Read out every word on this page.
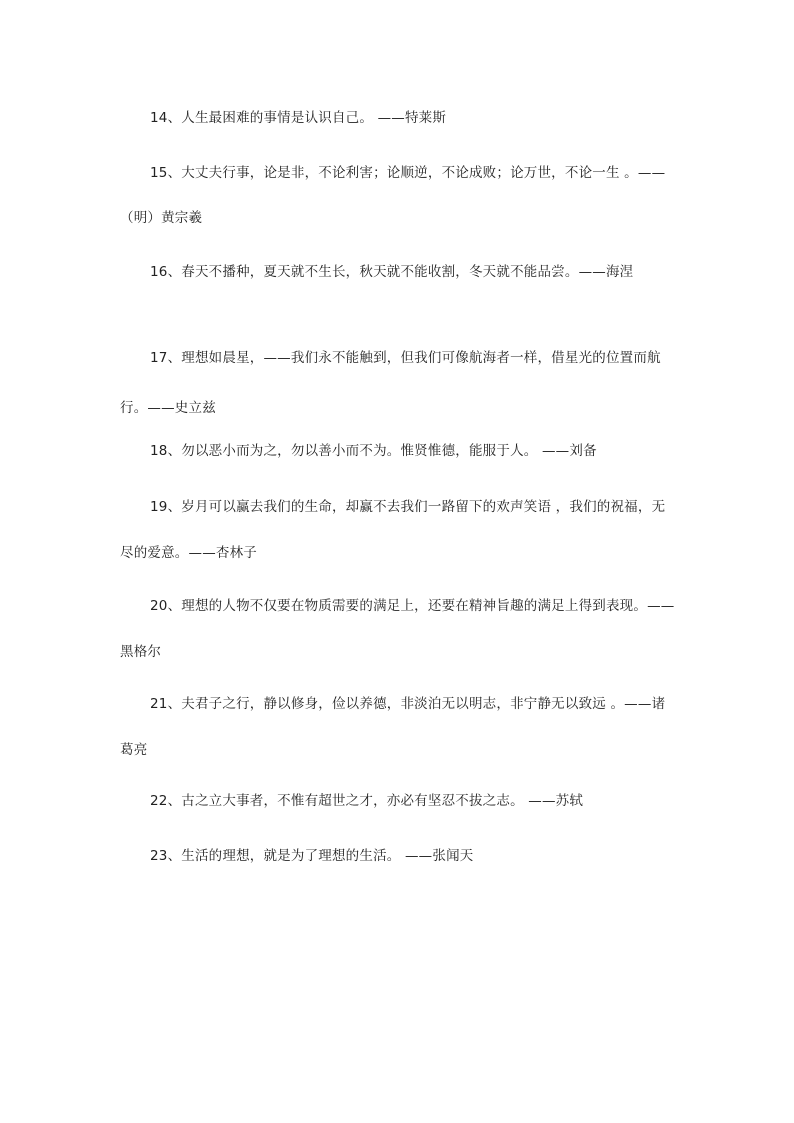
14、人生最困难的事情是认识自己。 ——特莱斯

15、大丈夫行事，论是非，不论利害；论顺逆，不论成败；论万世，不论一生 。——（明）黄宗羲

16、春天不播种，夏天就不生长，秋天就不能收割，冬天就不能品尝。——海涅

17、理想如晨星，——我们永不能触到，但我们可像航海者一样，借星光的位置而航行。——史立兹

18、勿以恶小而为之，勿以善小而不为。惟贤惟德，能服于人。 ——刘备

19、岁月可以赢去我们的生命，却赢不去我们一路留下的欢声笑语 ，我们的祝福，无尽的爱意。——杏林子

20、理想的人物不仅要在物质需要的满足上，还要在精神旨趣的满足上得到表现。——黑格尔

21、夫君子之行，静以修身，俭以养德，非淡泊无以明志，非宁静无以致远 。——诸葛亮

22、古之立大事者，不惟有超世之才，亦必有坚忍不拔之志。 ——苏轼

23、生活的理想，就是为了理想的生活。 ——张闻天
